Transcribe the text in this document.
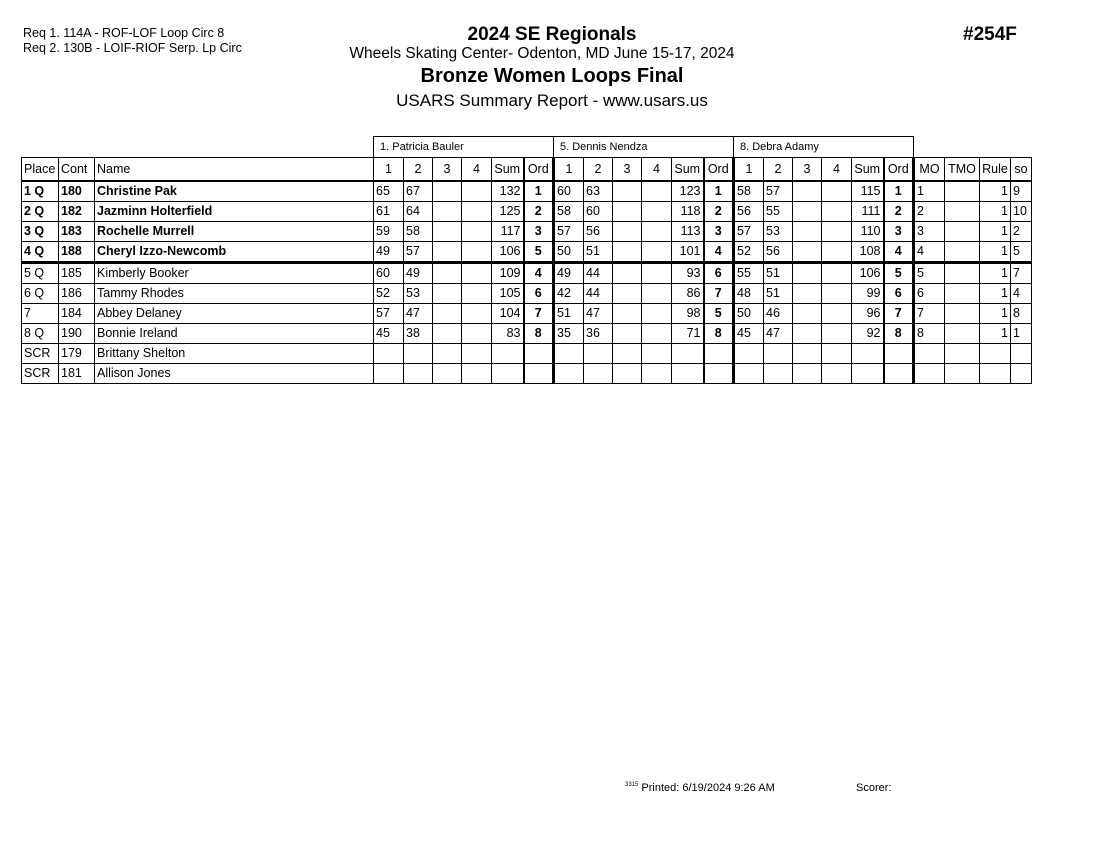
Req 1. 114A - ROF-LOF Loop Circ 8
Req 2. 130B - LOIF-RIOF Serp. Lp Circ
2024 SE Regionals
Wheels Skating Center- Odenton, MD June 15-17, 2024
Bronze Women Loops Final
USARS Summary Report - www.usars.us
#254F
			1. Patricia Bauler						5. Dennis Nendza						8. Debra Adamy									
Place	Cont	Name	1	2	3	4	Sum	Ord	1	2	3	4	Sum	Ord	1	2	3	4	Sum	Ord	MO	TMO	Rule	so
1 Q	180	Christine Pak	65	67			132	1	60	63			123	1	58	57			115	1	1		1	9
2 Q	182	Jazminn Holterfield	61	64			125	2	58	60			118	2	56	55			111	2	2		1	10
3 Q	183	Rochelle Murrell	59	58			117	3	57	56			113	3	57	53			110	3	3		1	2
4 Q	188	Cheryl Izzo-Newcomb	49	57			106	5	50	51			101	4	52	56			108	4	4		1	5
5 Q	185	Kimberly Booker	60	49			109	4	49	44			93	6	55	51			106	5	5		1	7
6 Q	186	Tammy Rhodes	52	53			105	6	42	44			86	7	48	51			99	6	6		1	4
7	184	Abbey Delaney	57	47			104	7	51	47			98	5	50	46			96	7	7		1	8
8 Q	190	Bonnie Ireland	45	38			83	8	35	36			71	8	45	47			92	8	8		1	1
SCR	179	Brittany Shelton																						
SCR	181	Allison Jones																						
$^{3315}$ Printed: 6/19/2024 9:26 AM	Scorer:
